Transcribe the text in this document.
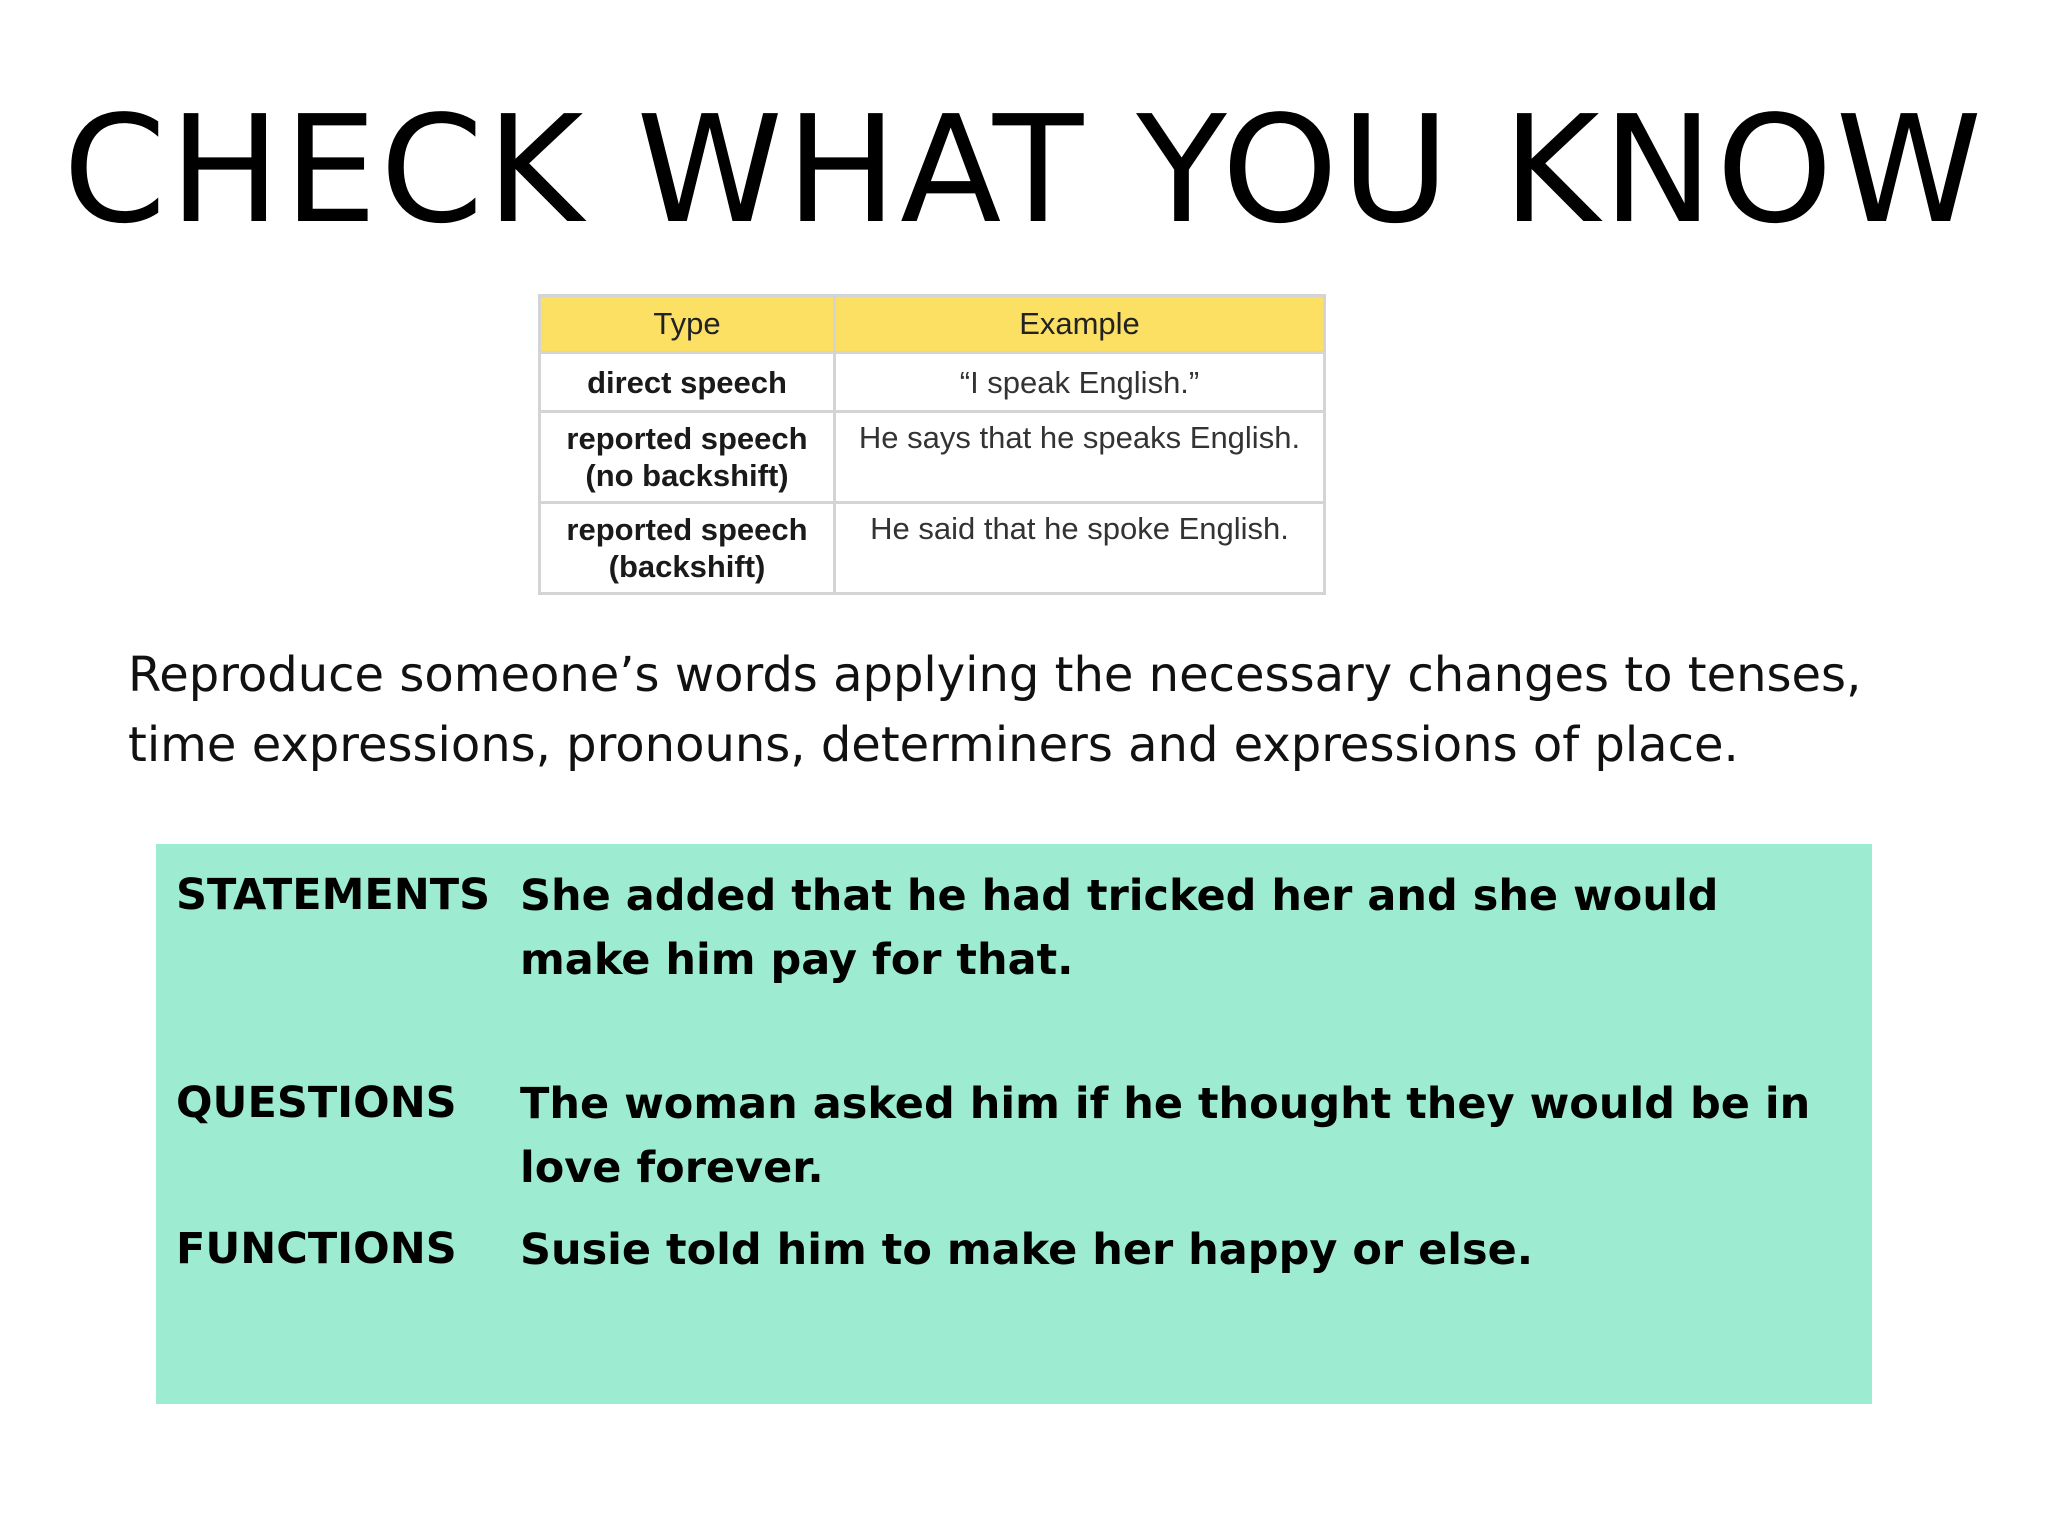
CHECK WHAT YOU KNOW
Type	Example
direct speech	“I speak English.”
reported speech
(no backshift)	He says that he speaks English.
reported speech
(backshift)	He said that he spoke English.

Reproduce someone’s words applying the necessary changes to tenses, time expressions, pronouns, determiners and expressions of place.

STATEMENTS She added that he had tricked her and she would make him pay for that.
QUESTIONS The woman asked him if he thought they would be in love forever.
FUNCTIONS Susie told him to make her happy or else.
